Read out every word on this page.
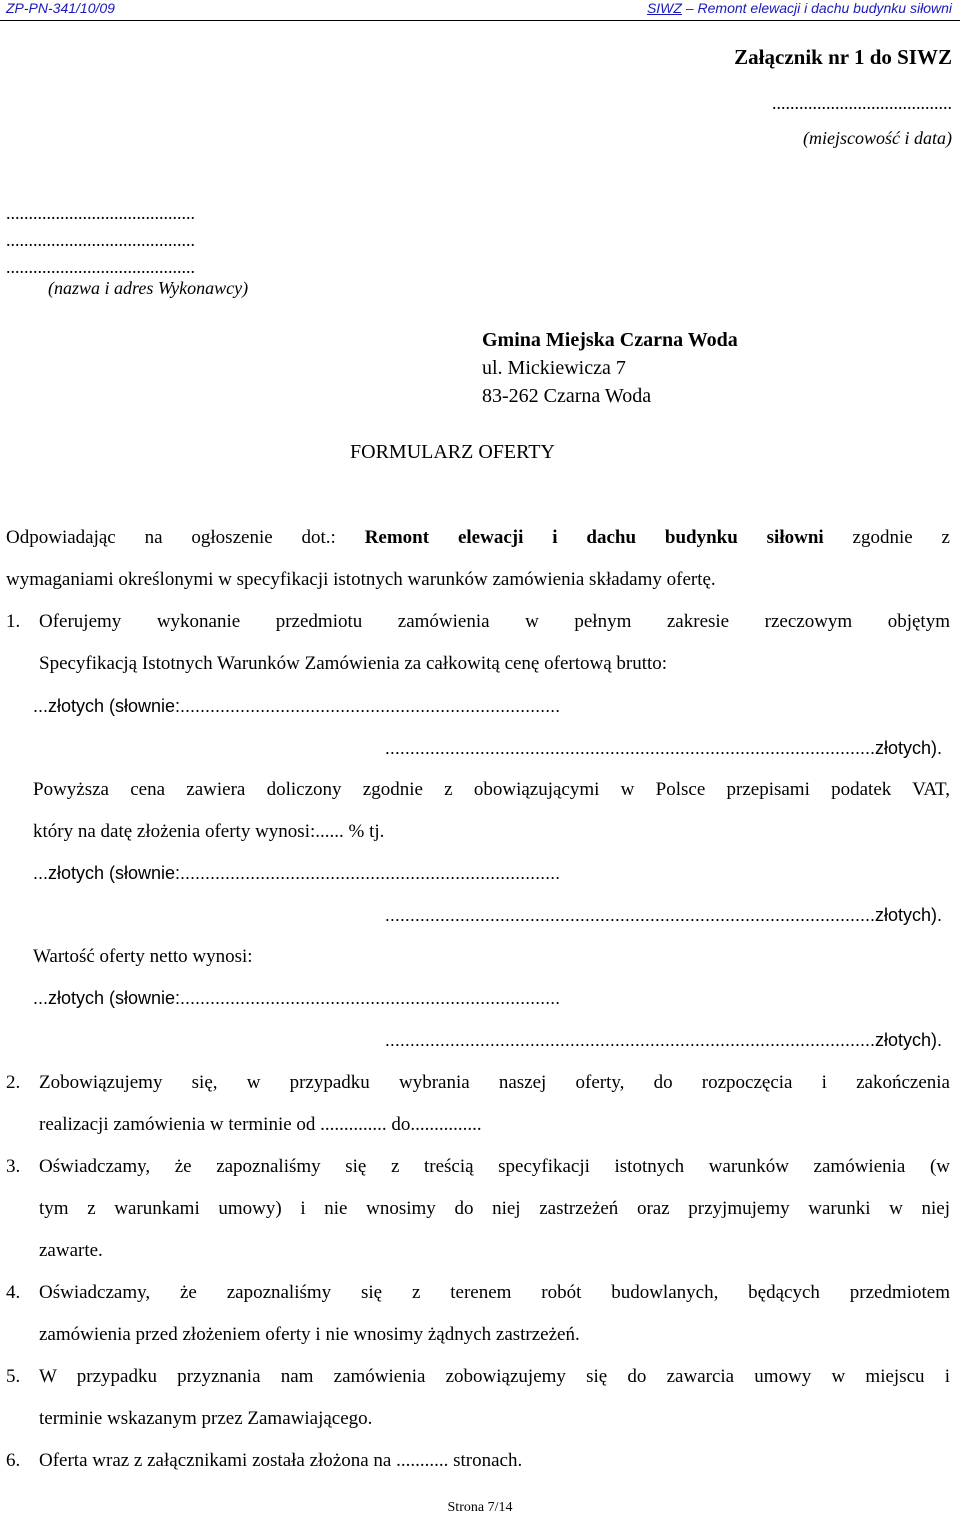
ZP-PN-341/10/09	SIWZ – Remont elewacji i dachu budynku siłowni
Załącznik nr 1 do SIWZ
........................................
(miejscowość i data)
..........................................
..........................................
..........................................
(nazwa i adres Wykonawcy)
Gmina Miejska Czarna Woda
ul. Mickiewicza 7
83-262 Czarna Woda
FORMULARZ OFERTY
Odpowiadając na ogłoszenie dot.: Remont elewacji i dachu budynku siłowni zgodnie z
wymaganiami określonymi w specyfikacji istotnych warunków zamówienia składamy ofertę.
1. Oferujemy wykonanie przedmiotu zamówienia w pełnym zakresie rzeczowym objętym
Specyfikacją Istotnych Warunków Zamówienia za całkowitą cenę ofertową brutto:
...złotych (słownie:............................................................................
..................................................................................................złotych).
Powyższa cena zawiera doliczony zgodnie z obowiązującymi w Polsce przepisami podatek VAT,
który na datę złożenia oferty wynosi:...... % tj.
...złotych (słownie:............................................................................
..................................................................................................złotych).
Wartość oferty netto wynosi:
...złotych (słownie:............................................................................
..................................................................................................złotych).
2. Zobowiązujemy się, w przypadku wybrania naszej oferty, do rozpoczęcia i zakończenia
realizacji zamówienia w terminie od .............. do...............
3. Oświadczamy, że zapoznaliśmy się z treścią specyfikacji istotnych warunków zamówienia (w
tym z warunkami umowy) i nie wnosimy do niej zastrzeżeń oraz przyjmujemy warunki w niej
zawarte.
4. Oświadczamy, że zapoznaliśmy się z terenem robót budowlanych, będących przedmiotem
zamówienia przed złożeniem oferty i nie wnosimy żądnych zastrzeżeń.
5. W przypadku przyznania nam zamówienia zobowiązujemy się do zawarcia umowy w miejscu i
terminie wskazanym przez Zamawiającego.
6. Oferta wraz z załącznikami została złożona na ........... stronach.
Strona 7/14
